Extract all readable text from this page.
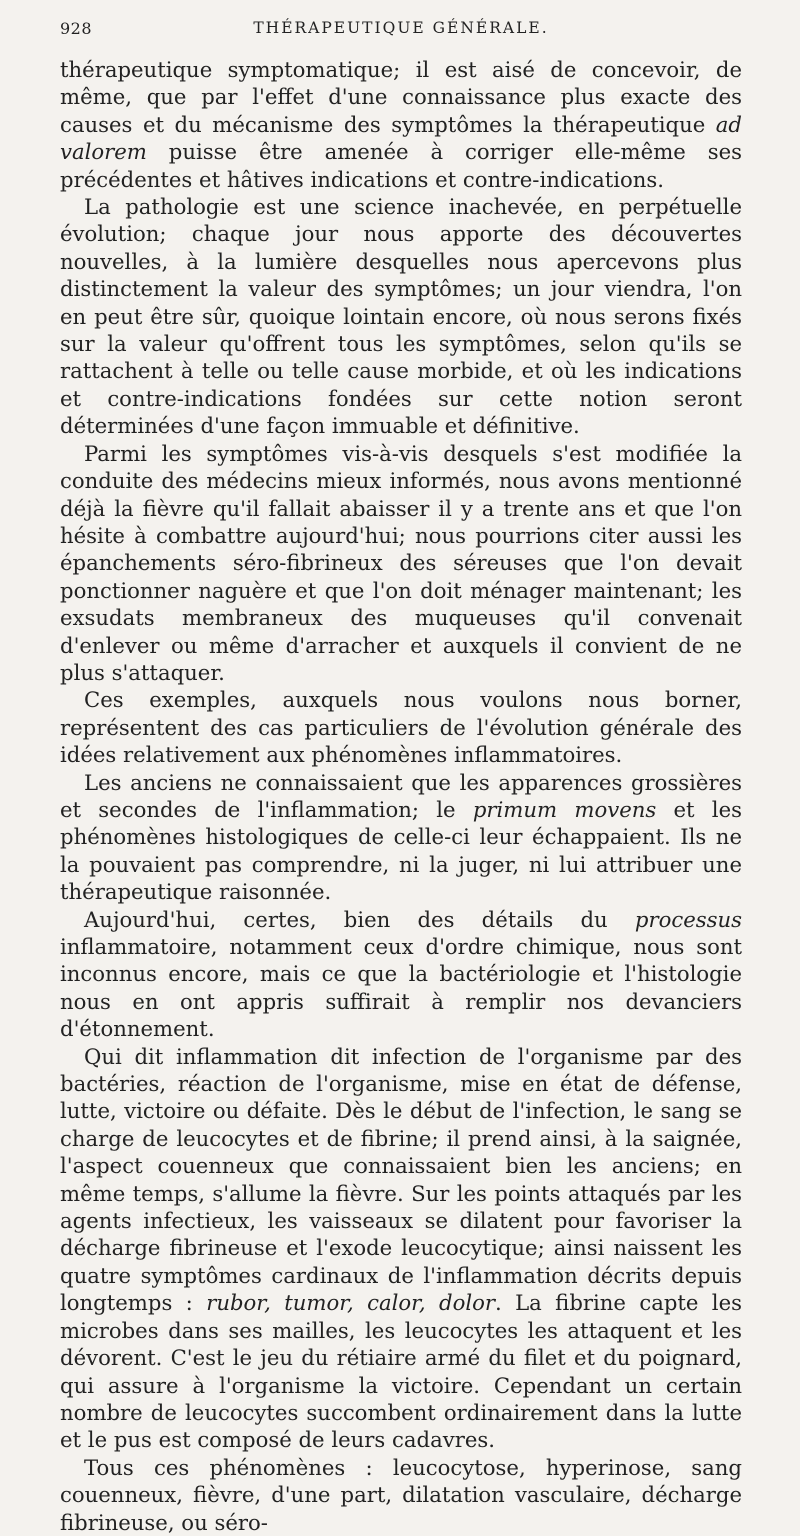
928	THÉRAPEUTIQUE GÉNÉRALE.

thérapeutique symptomatique; il est aisé de concevoir, de même, que par l'effet d'une connaissance plus exacte des causes et du mécanisme des symptômes la thérapeutique ad valorem puisse être amenée à corriger elle-même ses précédentes et hâtives indications et contre-indications.

La pathologie est une science inachevée, en perpétuelle évolution; chaque jour nous apporte des découvertes nouvelles, à la lumière desquelles nous apercevons plus distinctement la valeur des symptômes; un jour viendra, l'on en peut être sûr, quoique lointain encore, où nous serons fixés sur la valeur qu'offrent tous les symptômes, selon qu'ils se rattachent à telle ou telle cause morbide, et où les indications et contre-indications fondées sur cette notion seront déterminées d'une façon immuable et définitive.

Parmi les symptômes vis-à-vis desquels s'est modifiée la conduite des médecins mieux informés, nous avons mentionné déjà la fièvre qu'il fallait abaisser il y a trente ans et que l'on hésite à combattre aujourd'hui; nous pourrions citer aussi les épanchements séro-fibrineux des séreuses que l'on devait ponctionner naguère et que l'on doit ménager maintenant; les exsudats membraneux des muqueuses qu'il convenait d'enlever ou même d'arracher et auxquels il convient de ne plus s'attaquer.

Ces exemples, auxquels nous voulons nous borner, représentent des cas particuliers de l'évolution générale des idées relativement aux phénomènes inflammatoires.

Les anciens ne connaissaient que les apparences grossières et secondes de l'inflammation; le primum movens et les phénomènes histologiques de celle-ci leur échappaient. Ils ne la pouvaient pas comprendre, ni la juger, ni lui attribuer une thérapeutique raisonnée.

Aujourd'hui, certes, bien des détails du processus inflammatoire, notamment ceux d'ordre chimique, nous sont inconnus encore, mais ce que la bactériologie et l'histologie nous en ont appris suffirait à remplir nos devanciers d'étonnement.

Qui dit inflammation dit infection de l'organisme par des bactéries, réaction de l'organisme, mise en état de défense, lutte, victoire ou défaite. Dès le début de l'infection, le sang se charge de leucocytes et de fibrine; il prend ainsi, à la saignée, l'aspect couenneux que connaissaient bien les anciens; en même temps, s'allume la fièvre. Sur les points attaqués par les agents infectieux, les vaisseaux se dilatent pour favoriser la décharge fibrineuse et l'exode leucocytique; ainsi naissent les quatre symptômes cardinaux de l'inflammation décrits depuis longtemps : rubor, tumor, calor, dolor. La fibrine capte les microbes dans ses mailles, les leucocytes les attaquent et les dévorent. C'est le jeu du rétiaire armé du filet et du poignard, qui assure à l'organisme la victoire. Cependant un certain nombre de leucocytes succombent ordinairement dans la lutte et le pus est composé de leurs cadavres.

Tous ces phénomènes : leucocytose, hyperinose, sang couenneux, fièvre, d'une part, dilatation vasculaire, décharge fibrineuse, ou séro-
